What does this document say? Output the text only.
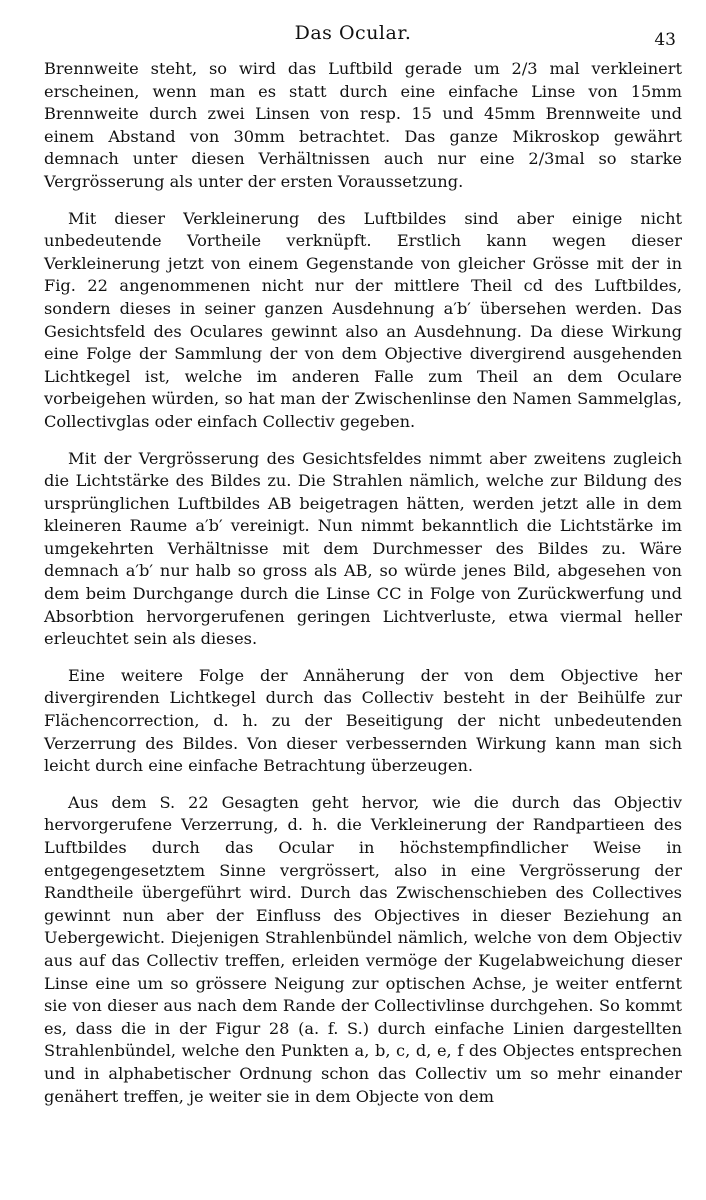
Das Ocular.	43

Brennweite steht, so wird das Luftbild gerade um 2/3 mal verkleinert erscheinen, wenn man es statt durch eine einfache Linse von 15mm Brennweite durch zwei Linsen von resp. 15 und 45mm Brennweite und einem Abstand von 30mm betrachtet. Das ganze Mikroskop gewährt demnach unter diesen Verhältnissen auch nur eine 2/3mal so starke Vergrösserung als unter der ersten Voraussetzung.

Mit dieser Verkleinerung des Luftbildes sind aber einige nicht unbedeutende Vortheile verknüpft. Erstlich kann wegen dieser Verkleinerung jetzt von einem Gegenstande von gleicher Grösse mit der in Fig. 22 angenommenen nicht nur der mittlere Theil cd des Luftbildes, sondern dieses in seiner ganzen Ausdehnung a′b′ übersehen werden. Das Gesichtsfeld des Oculares gewinnt also an Ausdehnung. Da diese Wirkung eine Folge der Sammlung der von dem Objective divergirend ausgehenden Lichtkegel ist, welche im anderen Falle zum Theil an dem Oculare vorbeigehen würden, so hat man der Zwischenlinse den Namen Sammelglas, Collectivglas oder einfach Collectiv gegeben.

Mit der Vergrösserung des Gesichtsfeldes nimmt aber zweitens zugleich die Lichtstärke des Bildes zu. Die Strahlen nämlich, welche zur Bildung des ursprünglichen Luftbildes AB beigetragen hätten, werden jetzt alle in dem kleineren Raume a′b′ vereinigt. Nun nimmt bekanntlich die Lichtstärke im umgekehrten Verhältnisse mit dem Durchmesser des Bildes zu. Wäre demnach a′b′ nur halb so gross als AB, so würde jenes Bild, abgesehen von dem beim Durchgange durch die Linse CC in Folge von Zurückwerfung und Absorbtion hervorgerufenen geringen Lichtverluste, etwa viermal heller erleuchtet sein als dieses.

Eine weitere Folge der Annäherung der von dem Objective her divergirenden Lichtkegel durch das Collectiv besteht in der Beihülfe zur Flächencorrection, d. h. zu der Beseitigung der nicht unbedeutenden Verzerrung des Bildes. Von dieser verbessernden Wirkung kann man sich leicht durch eine einfache Betrachtung überzeugen.

Aus dem S. 22 Gesagten geht hervor, wie die durch das Objectiv hervorgerufene Verzerrung, d. h. die Verkleinerung der Randpartieen des Luftbildes durch das Ocular in höchstempfindlicher Weise in entgegengesetztem Sinne vergrössert, also in eine Vergrösserung der Randtheile übergeführt wird. Durch das Zwischenschieben des Collectives gewinnt nun aber der Einfluss des Objectives in dieser Beziehung an Uebergewicht. Diejenigen Strahlenbündel nämlich, welche von dem Objectiv aus auf das Collectiv treffen, erleiden vermöge der Kugelabweichung dieser Linse eine um so grössere Neigung zur optischen Achse, je weiter entfernt sie von dieser aus nach dem Rande der Collectivlinse durchgehen. So kommt es, dass die in der Figur 28 (a. f. S.) durch einfache Linien dargestellten Strahlenbündel, welche den Punkten a, b, c, d, e, f des Objectes entsprechen und in alphabetischer Ordnung schon das Collectiv um so mehr einander genähert treffen, je weiter sie in dem Objecte von dem
